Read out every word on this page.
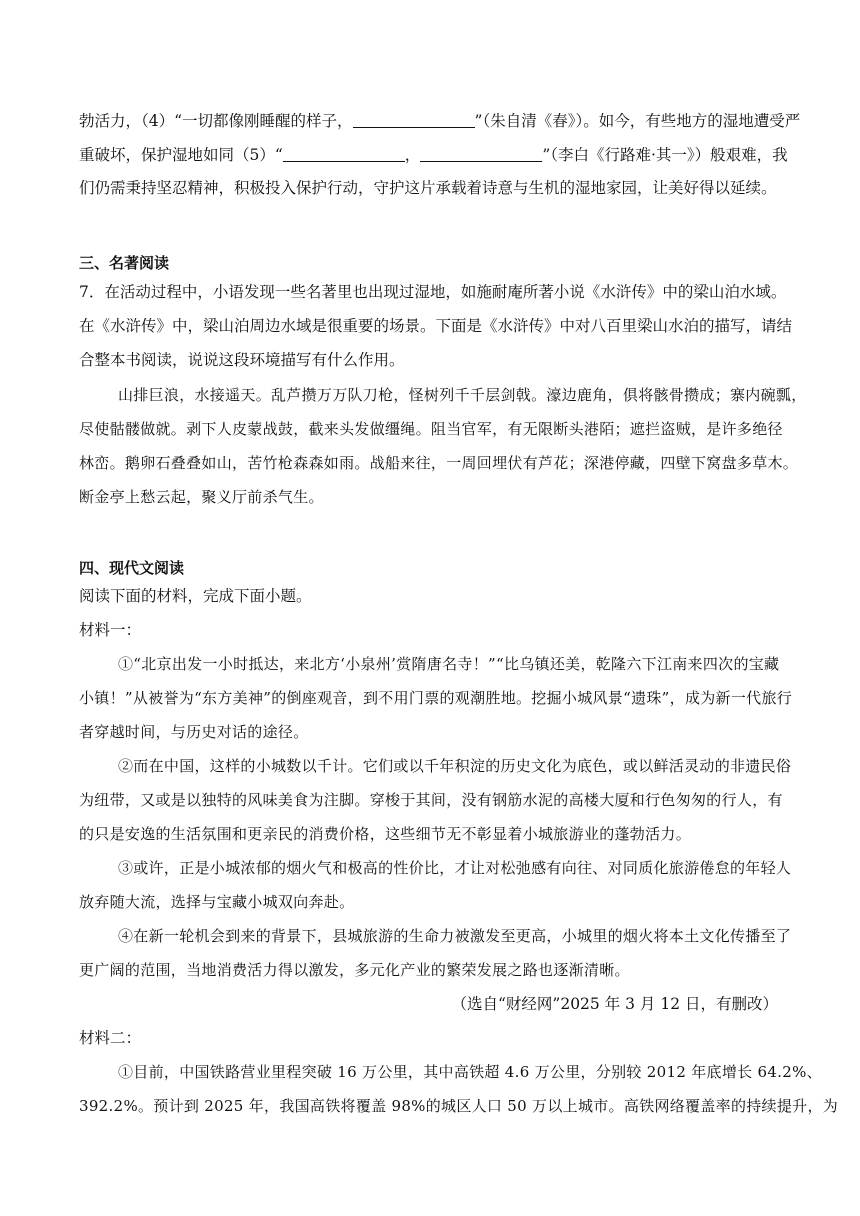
勃活力，（4）“一切都像刚睡醒的样子，	”（朱自清《春》）。如今，有些地方的湿地遭受严
重破坏，保护湿地如同（5）“	，	”（李白《行路难·其一》）般艰难，我
们仍需秉持坚忍精神，积极投入保护行动，守护这片承载着诗意与生机的湿地家园，让美好得以延续。
三、名著阅读
7．在活动过程中，小语发现一些名著里也出现过湿地，如施耐庵所著小说《水浒传》中的梁山泊水域。
在《水浒传》中，梁山泊周边水域是很重要的场景。下面是《水浒传》中对八百里梁山水泊的描写，请结
合整本书阅读，说说这段环境描写有什么作用。
山排巨浪，水接遥天。乱芦攒万万队刀枪，怪树列千千层剑戟。濠边鹿角，俱将骸骨攒成；寨内碗瓢，
尽使骷髅做就。剥下人皮蒙战鼓，截来头发做缰绳。阻当官军，有无限断头港陌；遮拦盗贼，是许多绝径
林峦。鹅卵石叠叠如山，苦竹枪森森如雨。战船来往，一周回埋伏有芦花；深港停藏，四壁下窝盘多草木。
断金亭上愁云起，聚义厅前杀气生。
四、现代文阅读
阅读下面的材料，完成下面小题。
材料一：
①“北京出发一小时抵达，来北方‘小泉州’赏隋唐名寺！”“比乌镇还美，乾隆六下江南来四次的宝藏
小镇！”从被誉为“东方美神”的倒座观音，到不用门票的观潮胜地。挖掘小城风景“遗珠”，成为新一代旅行
者穿越时间，与历史对话的途径。
②而在中国，这样的小城数以千计。它们或以千年积淀的历史文化为底色，或以鲜活灵动的非遗民俗
为纽带，又或是以独特的风味美食为注脚。穿梭于其间，没有钢筋水泥的高楼大厦和行色匆匆的行人，有
的只是安逸的生活氛围和更亲民的消费价格，这些细节无不彰显着小城旅游业的蓬勃活力。
③或许，正是小城浓郁的烟火气和极高的性价比，才让对松弛感有向往、对同质化旅游倦怠的年轻人
放弃随大流，选择与宝藏小城双向奔赴。
④在新一轮机会到来的背景下，县城旅游的生命力被激发至更高，小城里的烟火将本土文化传播至了
更广阔的范围，当地消费活力得以激发，多元化产业的繁荣发展之路也逐渐清晰。
（选自“财经网”2025 年 3 月 12 日，有删改）
材料二：
①目前，中国铁路营业里程突破 16 万公里，其中高铁超 4.6 万公里，分别较 2012 年底增长 64.2%、
392.2%。预计到 2025 年，我国高铁将覆盖 98%的城区人口 50 万以上城市。高铁网络覆盖率的持续提升，为
